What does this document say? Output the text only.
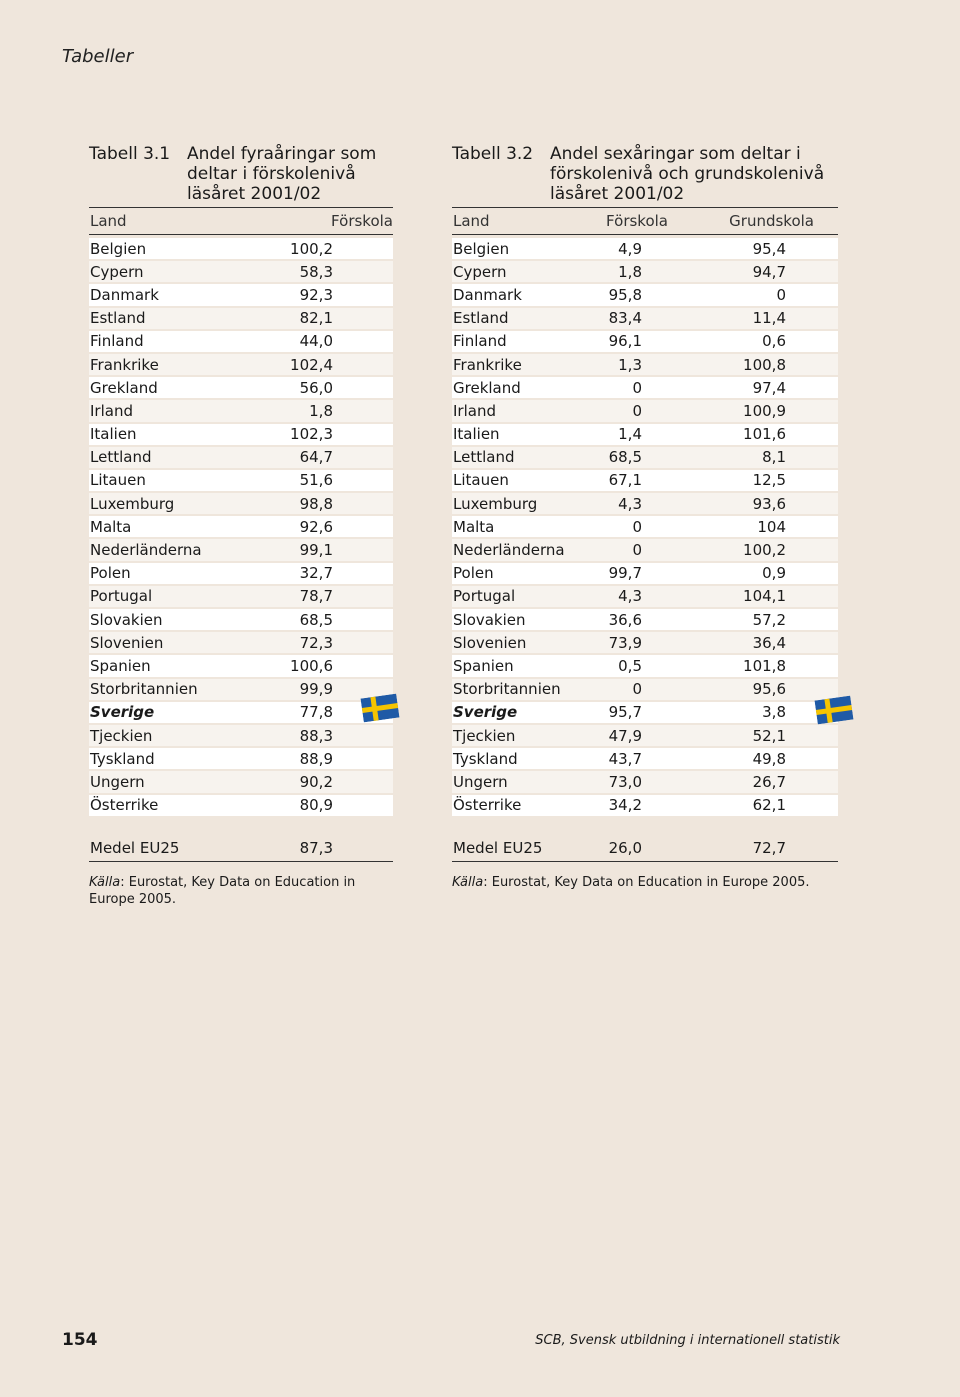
Tabeller
Tabell 3.1 Andel fyraåringar som deltar i förskolenivå läsåret 2001/02
Land	Förskola
Belgien	100,2
Cypern	58,3
Danmark	92,3
Estland	82,1
Finland	44,0
Frankrike	102,4
Grekland	56,0
Irland	1,8
Italien	102,3
Lettland	64,7
Litauen	51,6
Luxemburg	98,8
Malta	92,6
Nederländerna	99,1
Polen	32,7
Portugal	78,7
Slovakien	68,5
Slovenien	72,3
Spanien	100,6
Storbritannien	99,9
Sverige	77,8
Tjeckien	88,3
Tyskland	88,9
Ungern	90,2
Österrike	80,9
Medel EU25	87,3
Källa: Eurostat, Key Data on Education in Europe 2005.
Tabell 3.2 Andel sexåringar som deltar i förskolenivå och grundskolenivå läsåret 2001/02
Land	Förskola	Grundskola
Belgien	4,9	95,4
Cypern	1,8	94,7
Danmark	95,8	0
Estland	83,4	11,4
Finland	96,1	0,6
Frankrike	1,3	100,8
Grekland	0	97,4
Irland	0	100,9
Italien	1,4	101,6
Lettland	68,5	8,1
Litauen	67,1	12,5
Luxemburg	4,3	93,6
Malta	0	104
Nederländerna	0	100,2
Polen	99,7	0,9
Portugal	4,3	104,1
Slovakien	36,6	57,2
Slovenien	73,9	36,4
Spanien	0,5	101,8
Storbritannien	0	95,6
Sverige	95,7	3,8
Tjeckien	47,9	52,1
Tyskland	43,7	49,8
Ungern	73,0	26,7
Österrike	34,2	62,1
Medel EU25	26,0	72,7
Källa: Eurostat, Key Data on Education in Europe 2005.
154	SCB, Svensk utbildning i internationell statistik
